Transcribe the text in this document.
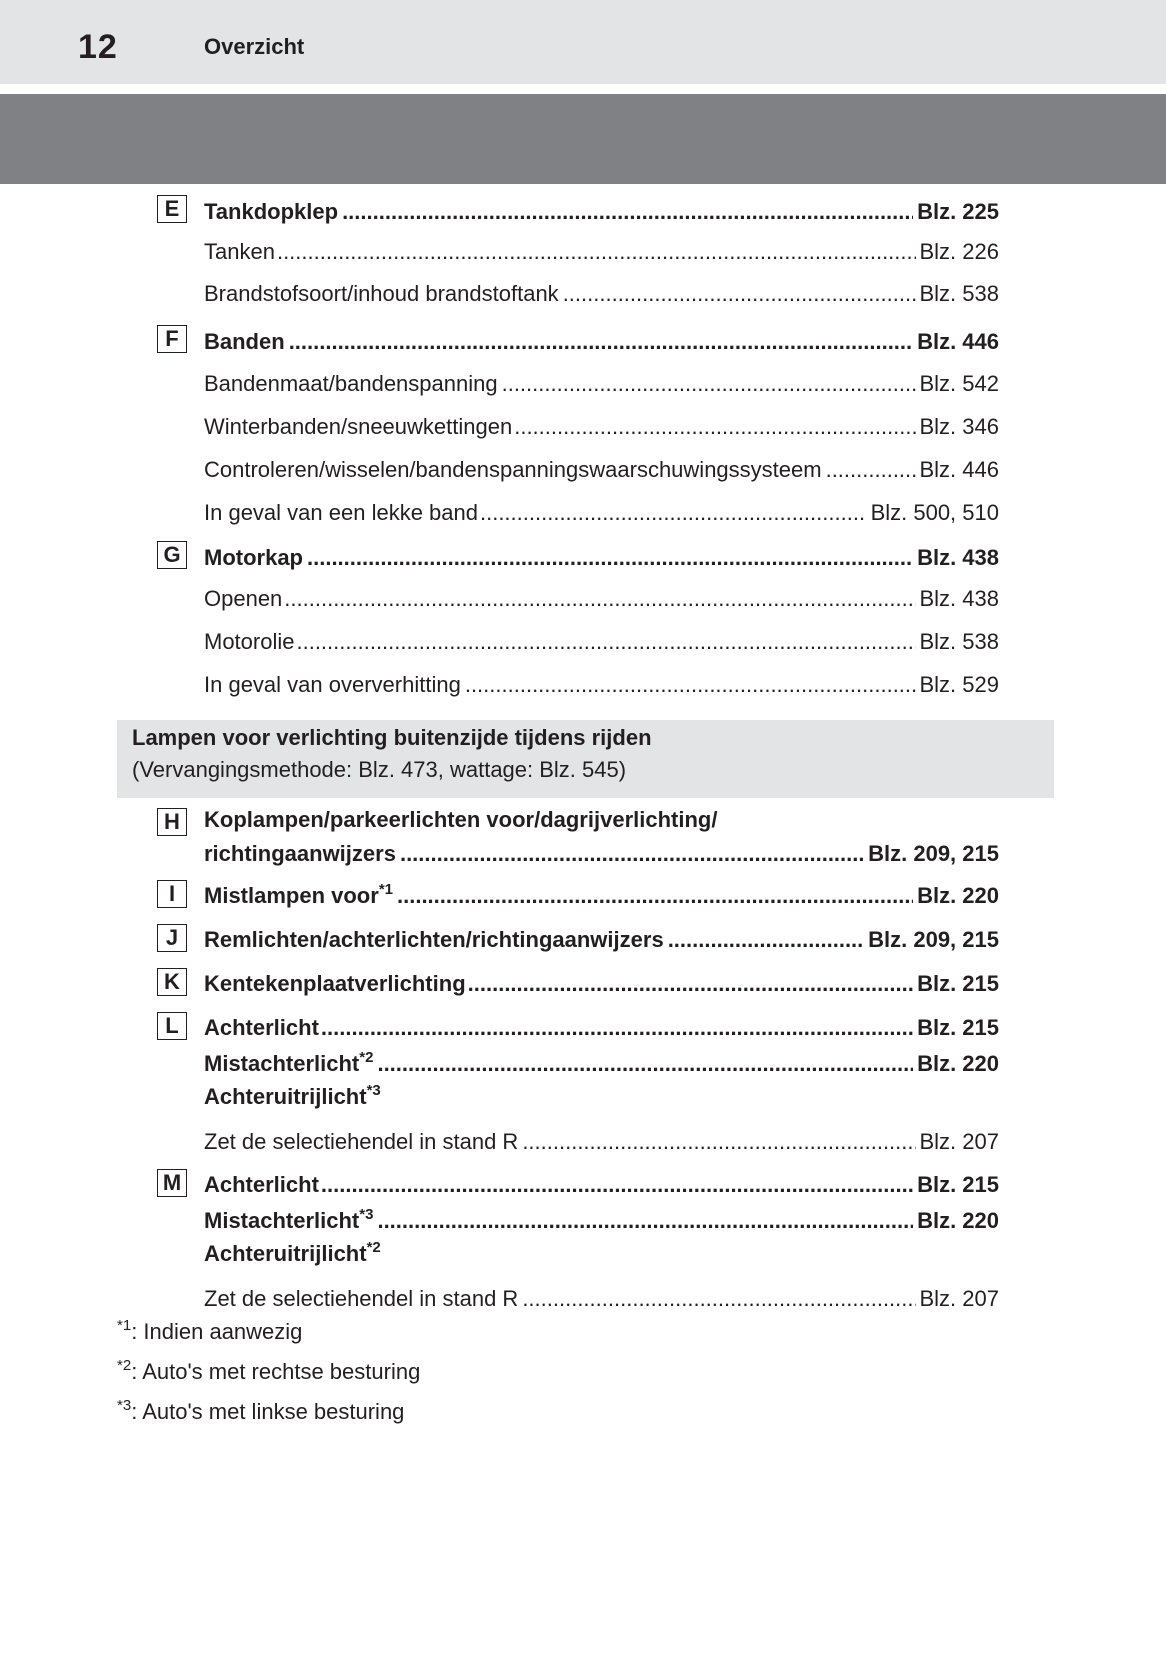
12	Overzicht
E	Tankdopklep .....	Blz. 225
Tanken .....	Blz. 226
Brandstofsoort/inhoud brandstoftank .....	Blz. 538
F	Banden .....	Blz. 446
Bandenmaat/bandenspanning .....	Blz. 542
Winterbanden/sneeuwkettingen .....	Blz. 346
Controleren/wisselen/bandenspanningswaarschuwingssysteem .....	Blz. 446
In geval van een lekke band .....	Blz. 500, 510
G Motorkap .....	Blz. 438
Openen .....	Blz. 438
Motorolie .....	Blz. 538
In geval van oververhitting .....	Blz. 529
Lampen voor verlichting buitenzijde tijdens rijden
(Vervangingsmethode: Blz. 473, wattage: Blz. 545)
H	Koplampen/parkeerlichten voor/dagrijverlichting/
richtingaanwijzers .....	Blz. 209, 215
I	Mistlampen voor$^{*1}$ .....	Blz. 220
J	Remlichten/achterlichten/richtingaanwijzers .....	Blz. 209, 215
K	Kentekenplaatverlichting .....	Blz. 215
L	Achterlicht .....	Blz. 215
Mistachterlicht$^{*2}$ .....	Blz. 220
Achteruitrijlicht$^{*3}$
Zet de selectiehendel in stand R .....	Blz. 207
M Achterlicht .....	Blz. 215
Mistachterlicht$^{*3}$ .....	Blz. 220
Achteruitrijlicht$^{*2}$
Zet de selectiehendel in stand R .....	Blz. 207
$^{*1}$: Indien aanwezig
$^{*2}$: Auto's met rechtse besturing
$^{*3}$: Auto's met linkse besturing
